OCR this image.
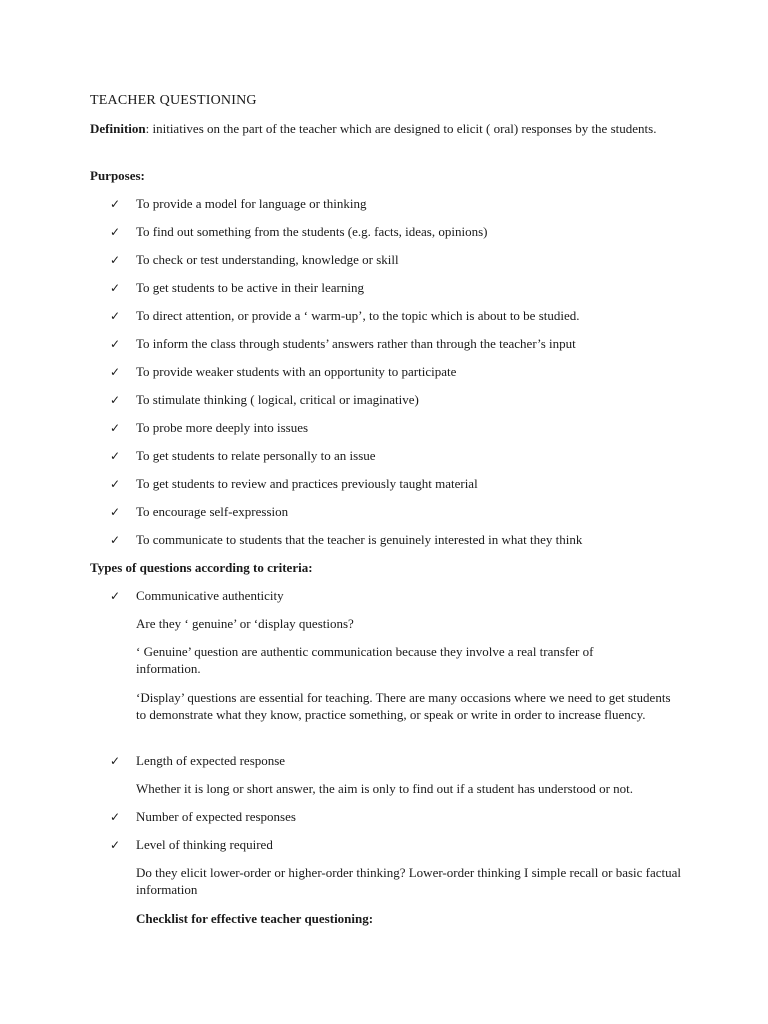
TEACHER QUESTIONING
Definition: initiatives on the part of the teacher which are designed to elicit ( oral) responses by the students.
Purposes:
✓ To provide a model for language or thinking
✓ To find out something from the students (e.g. facts, ideas, opinions)
✓ To check or test understanding, knowledge or skill
✓ To get students to be active in their learning
✓ To direct attention, or provide a ‘ warm-up’, to the topic which is about to be studied.
✓ To inform the class through students’ answers rather than through the teacher’s input
✓ To provide weaker students with an opportunity to participate
✓ To stimulate thinking ( logical, critical or imaginative)
✓ To probe more deeply into issues
✓ To get students to relate personally to an issue
✓ To get students to review and practices previously taught material
✓ To encourage self-expression
✓ To communicate to students that the teacher is genuinely interested in what they think
Types of questions according to criteria:
✓ Communicative authenticity
Are they ‘ genuine’ or ‘display questions?
‘ Genuine’ question are authentic communication because they involve a real transfer of information.
‘Display’ questions are essential for teaching. There are many occasions where we need to get students to demonstrate what they know, practice something, or speak or write in order to increase fluency.
✓ Length of expected response
Whether it is long or short answer, the aim is only to find out if a student has understood or not.
✓ Number of expected responses
✓ Level of thinking required
Do they elicit lower-order or higher-order thinking? Lower-order thinking I simple recall or basic factual information
Checklist for effective teacher questioning:
